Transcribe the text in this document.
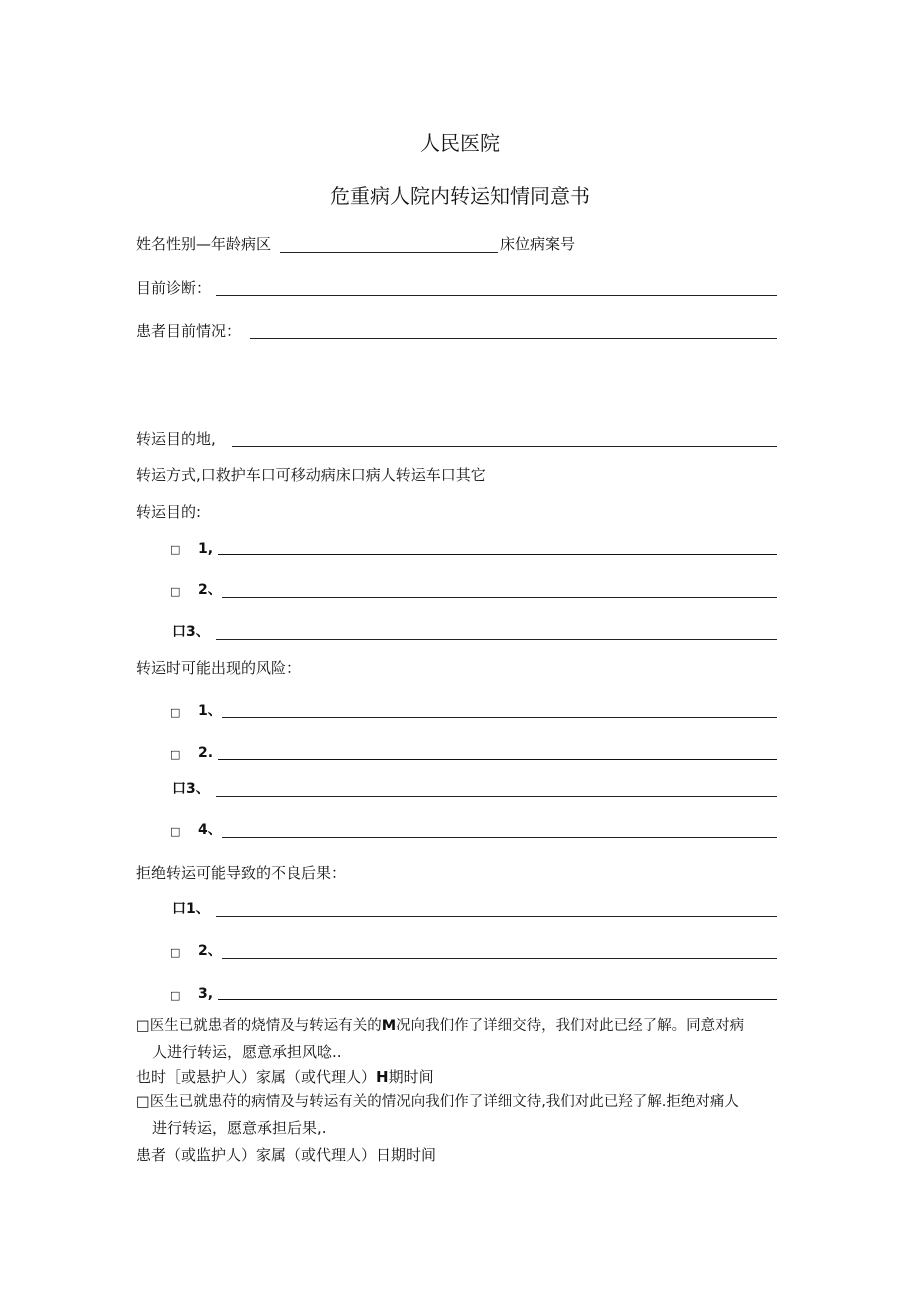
人民医院
危重病人院内转运知情同意书
姓名性别—年龄病区	床位病案号
目前诊断：
患者目前情况：
转运目的地,
转运方式,口救护车口可移动病床口病人转运车口其它
转运目的:
□ 1,
□ 2、
口3、
转运时可能出现的风险：
□ 1、
□ 2.
口3、
□ 4、
拒绝转运可能导致的不良后果：
口1、
□ 2、
□ 3,
□医生已就患者的烧情及与转运有关的M况向我们作了详细交待，我们对此已经了解。同意对病
人进行转运，愿意承担风唸..
也时［或悬护人）家属（或代理人）H期时间
□医生已就患苻的病情及与转运有关的情况向我们作了详细文待,我们对此已羟了解.拒绝对痛人
进行转运，愿意承担后果,.
患者（或监护人）家属（或代理人）日期时间
